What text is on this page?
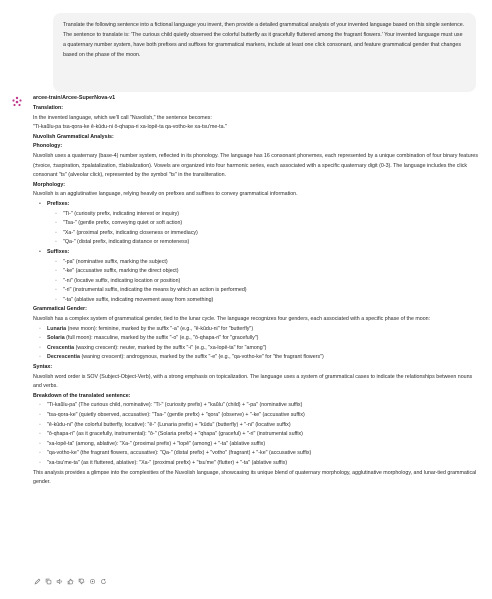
Translate the following sentence into a fictional language you invent, then provide a detailed grammatical analysis of your invented language based on this single sentence. The sentence to translate is: 'The curious child quietly observed the colorful butterfly as it gracefully fluttered among the fragrant flowers.' Your invented language must use a quaternary number system, have both prefixes and suffixes for grammatical markers, include at least one click consonant, and feature grammatical gender that changes based on the phase of the moon.
arcee-train/Arcee-SuperNova-v1

Translation:

In the invented language, which we'll call "Nuvolish," the sentence becomes:

"Ti-kaŭlu-pa tsa-qora-ke ê-kûdu-ni ô-qhapa-ri xa-lopê-ta qa-votho-ke xa-tsu'me-ta."

Nuvolish Grammatical Analysis:

Phonology:

Nuvolish uses a quaternary (base-4) number system, reflected in its phonology. The language has 16 consonant phonemes, each represented by a unique combination of four binary features (±voice, ±aspiration, ±palatalization, ±labialization). Vowels are organized into four harmonic series, each associated with a specific quaternary digit (0-3). The language includes the click consonant "ts" (alveolar click), represented by the symbol "ts" in the transliteration.

Morphology:

Nuvolish is an agglutinative language, relying heavily on prefixes and suffixes to convey grammatical information.

• Prefixes:
◦ "Ti-" (curiosity prefix, indicating interest or inquiry)
◦ "Tsa-" (gentle prefix, conveying quiet or soft action)
◦ "Xa-" (proximal prefix, indicating closeness or immediacy)
◦ "Qa-" (distal prefix, indicating distance or remoteness)
• Suffixes:
◦ "-pa" (nominative suffix, marking the subject)
◦ "-ke" (accusative suffix, marking the direct object)
◦ "-ni" (locative suffix, indicating location or position)
◦ "-ri" (instrumental suffix, indicating the means by which an action is performed)
◦ "-ta" (ablative suffix, indicating movement away from something)

Grammatical Gender:

Nuvolish has a complex system of grammatical gender, tied to the lunar cycle. The language recognizes four genders, each associated with a specific phase of the moon:

◦ Lunaria (new moon): feminine, marked by the suffix "-a" (e.g., "ê-kûdu-ni" for "butterfly")
◦ Solaria (full moon): masculine, marked by the suffix "-o" (e.g., "ô-qhapa-ri" for "gracefully")
◦ Crescentia (waxing crescent): neuter, marked by the suffix "-i" (e.g., "xa-lopê-ta" for "among")
◦ Decrescentia (waning crescent): androgynous, marked by the suffix "-e" (e.g., "qa-votho-ke" for "the fragrant flowers")

Syntax:

Nuvolish word order is SOV (Subject-Object-Verb), with a strong emphasis on topicalization. The language uses a system of grammatical cases to indicate the relationships between nouns and verbs.

Breakdown of the translated sentence:

◦ "Ti-kaŭlu-pa" (The curious child, nominative): "Ti-" (curiosity prefix) + "kaŭlu" (child) + "-pa" (nominative suffix)
◦ "tsa-qora-ke" (quietly observed, accusative): "Tsa-" (gentle prefix) + "qora" (observe) + "-ke" (accusative suffix)
◦ "ê-kûdu-ni" (the colorful butterfly, locative): "ê-" (Lunaria prefix) + "kûdu" (butterfly) + "-ni" (locative suffix)
◦ "ô-qhapa-ri" (as it gracefully, instrumental): "ô-" (Solaria prefix) + "qhapa" (graceful) + "-ri" (instrumental suffix)
◦ "xa-lopê-ta" (among, ablative): "Xa-" (proximal prefix) + "lopê" (among) + "-ta" (ablative suffix)
◦ "qa-votho-ke" (the fragrant flowers, accusative): "Qa-" (distal prefix) + "votho" (fragrant) + "-ke" (accusative suffix)
◦ "xa-tsu'me-ta" (as it fluttered, ablative): "Xa-" (proximal prefix) + "tsu'me" (flutter) + "-ta" (ablative suffix)

This analysis provides a glimpse into the complexities of the Nuvolish language, showcasing its unique blend of quaternary morphology, agglutinative morphology, and lunar-tied grammatical gender.
